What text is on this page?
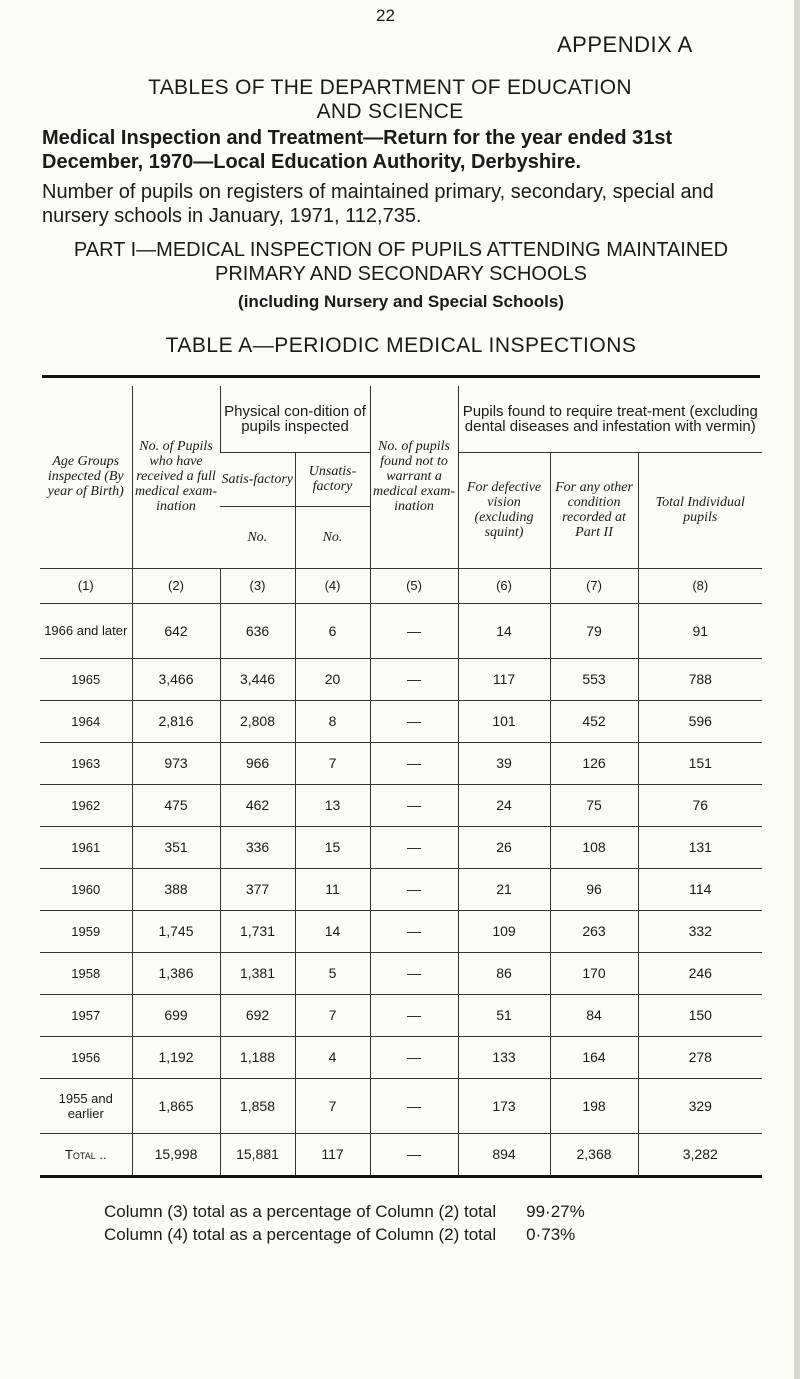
22
APPENDIX A
TABLES OF THE DEPARTMENT OF EDUCATION
AND SCIENCE
Medical Inspection and Treatment—Return for the year ended 31st December, 1970—Local Education Authority, Derbyshire.
Number of pupils on registers of maintained primary, secondary, special and nursery schools in January, 1971, 112,735.
PART I—MEDICAL INSPECTION OF PUPILS ATTENDING MAINTAINED PRIMARY AND SECONDARY SCHOOLS
(including Nursery and Special Schools)
TABLE A—PERIODIC MEDICAL INSPECTIONS
Age Groups inspected (By year of Birth)	No. of Pupils who have received a full medical exam-ination	Physical con-dition of pupils inspected		No. of pupils found not to warrant a medical exam-ination	Pupils found to require treat-ment (excluding dental diseases and infestation with vermin)		
		Satis-factory	Unsatis-factory		For defective vision (excluding squint)	For any other condition recorded at Part II	Total Individual pupils
		No.	No.				
(1)	(2)	(3)	(4)	(5)	(6)	(7)	(8)
1966 and later	642	636	6	—	14	79	91
1965	3,466	3,446	20	—	117	553	788
1964	2,816	2,808	8	—	101	452	596
1963	973	966	7	—	39	126	151
1962	475	462	13	—	24	75	76
1961	351	336	15	—	26	108	131
1960	388	377	11	—	21	96	114
1959	1,745	1,731	14	—	109	263	332
1958	1,386	1,381	5	—	86	170	246
1957	699	692	7	—	51	84	150
1956	1,192	1,188	4	—	133	164	278
1955 and earlier	1,865	1,858	7	—	173	198	329
Total ..	15,998	15,881	117	—	894	2,368	3,282
Column (3) total as a percentage of Column (2) total 99·27%
Column (4) total as a percentage of Column (2) total 0·73%
